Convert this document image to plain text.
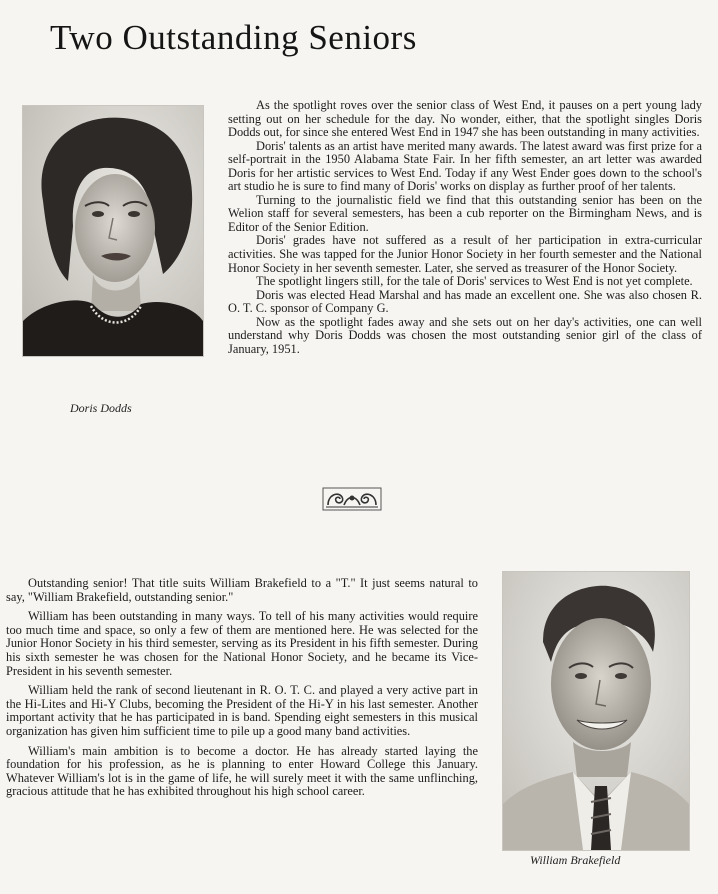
Two Outstanding Seniors
Doris Dodds

As the spotlight roves over the senior class of West End, it pauses on a pert young lady setting out on her schedule for the day. No wonder, either, that the spotlight singles Doris Dodds out, for since she entered West End in 1947 she has been outstanding in many activities.

Doris' talents as an artist have merited many awards. The latest award was first prize for a self-portrait in the 1950 Alabama State Fair. In her fifth semester, an art letter was awarded Doris for her artistic services to West End. Today if any West Ender goes down to the school's art studio he is sure to find many of Doris' works on display as further proof of her talents.

Turning to the journalistic field we find that this outstanding senior has been on the Welion staff for several semesters, has been a cub reporter on the Birmingham News, and is Editor of the Senior Edition.

Doris' grades have not suffered as a result of her participation in extra-curricular activities. She was tapped for the Junior Honor Society in her fourth semester and the National Honor Society in her seventh semester. Later, she served as treasurer of the Honor Society.

The spotlight lingers still, for the tale of Doris' services to West End is not yet complete.

Doris was elected Head Marshal and has made an excellent one. She was also chosen R. O. T. C. sponsor of Company G.

Now as the spotlight fades away and she sets out on her day's activities, one can well understand why Doris Dodds was chosen the most outstanding senior girl of the class of January, 1951.

Outstanding senior! That title suits William Brakefield to a "T." It just seems natural to say, "William Brakefield, outstanding senior."

William has been outstanding in many ways. To tell of his many activities would require too much time and space, so only a few of them are mentioned here. He was selected for the Junior Honor Society in his third semester, serving as its President in his fifth semester. During his sixth semester he was chosen for the National Honor Society, and he became its Vice-President in his seventh semester.

William held the rank of second lieutenant in R. O. T. C. and played a very active part in the Hi-Lites and Hi-Y Clubs, becoming the President of the Hi-Y in his last semester. Another important activity that he has participated in is band. Spending eight semesters in this musical organization has given him sufficient time to pile up a good many band activities.

William's main ambition is to become a doctor. He has already started laying the foundation for his profession, as he is planning to enter Howard College this January. Whatever William's lot is in the game of life, he will surely meet it with the same unflinching, gracious attitude that he has exhibited throughout his high school career.

William Brakefield
